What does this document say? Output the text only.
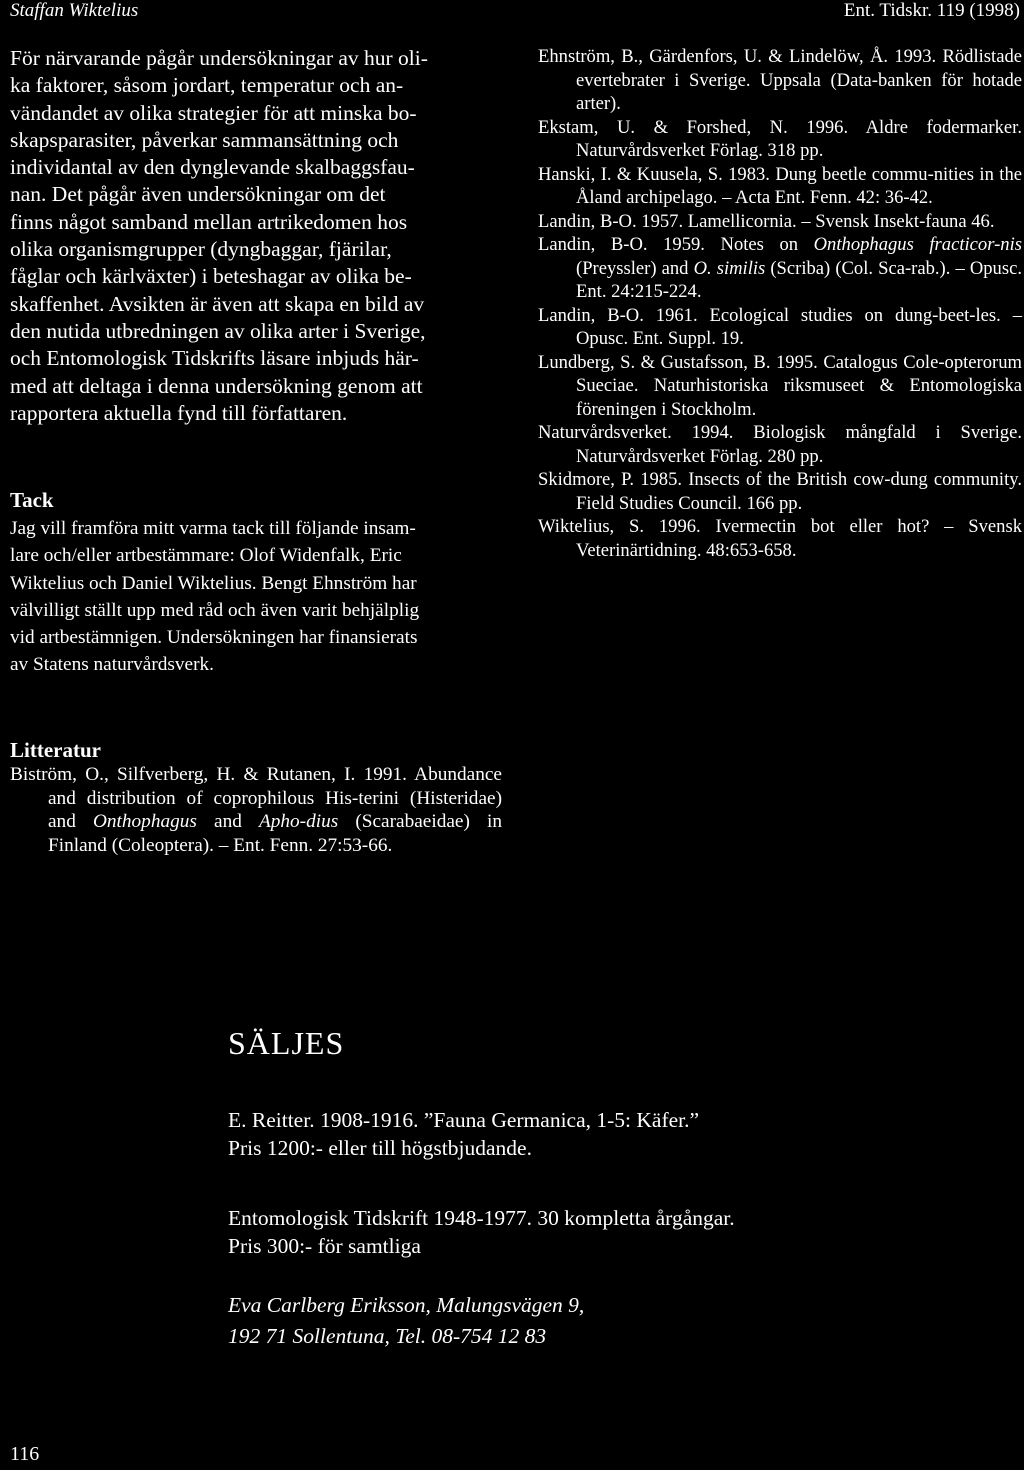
Staffan Wiktelius	Ent. Tidskr. 119 (1998)

För närvarande pågår undersökningar av hur oli-
ka faktorer, såsom jordart, temperatur och an-
vändandet av olika strategier för att minska bo-
skapsparasiter, påverkar sammansättning och
individantal av den dynglevande skalbaggsfau-
nan. Det pågår även undersökningar om det
finns något samband mellan artrikedomen hos
olika organismgrupper (dyngbaggar, fjärilar,
fåglar och kärlväxter) i beteshagar av olika be-
skaffenhet. Avsikten är även att skapa en bild av
den nutida utbredningen av olika arter i Sverige,
och Entomologisk Tidskrifts läsare inbjuds här-
med att deltaga i denna undersökning genom att
rapportera aktuella fynd till författaren.

Tack

Jag vill framföra mitt varma tack till följande insam-
lare och/eller artbestämmare: Olof Widenfalk, Eric
Wiktelius och Daniel Wiktelius. Bengt Ehnström har
välvilligt ställt upp med råd och även varit behjälplig
vid artbestämnigen. Undersökningen har finansierats
av Statens naturvårdsverk.

Litteratur
Biström, O., Silfverberg, H. & Rutanen, I. 1991. Abundance and distribution of coprophilous His-terini (Histeridae) and Onthophagus and Apho-dius (Scarabaeidae) in Finland (Coleoptera). – Ent. Fenn. 27:53-66.
Ehnström, B., Gärdenfors, U. & Lindelöw, Å. 1993. Rödlistade evertebrater i Sverige. Uppsala (Data-banken för hotade arter).
Ekstam, U. & Forshed, N. 1996. Aldre fodermarker. Naturvårdsverket Förlag. 318 pp.
Hanski, I. & Kuusela, S. 1983. Dung beetle commu-nities in the Åland archipelago. – Acta Ent. Fenn. 42: 36-42.
Landin, B-O. 1957. Lamellicornia. – Svensk Insekt-fauna 46.
Landin, B-O. 1959. Notes on Onthophagus fracticor-nis (Preyssler) and O. similis (Scriba) (Col. Sca-rab.). – Opusc. Ent. 24:215-224.
Landin, B-O. 1961. Ecological studies on dung-beet-les. – Opusc. Ent. Suppl. 19.
Lundberg, S. & Gustafsson, B. 1995. Catalogus Cole-opterorum Sueciae. Naturhistoriska riksmuseet & Entomologiska föreningen i Stockholm.
Naturvårdsverket. 1994. Biologisk mångfald i Sverige. Naturvårdsverket Förlag. 280 pp.
Skidmore, P. 1985. Insects of the British cow-dung community. Field Studies Council. 166 pp.
Wiktelius, S. 1996. Ivermectin bot eller hot? – Svensk Veterinärtidning. 48:653-658.
SÄLJES
E. Reitter. 1908-1916. ”Fauna Germanica, 1-5: Käfer.”
Pris 1200:- eller till högstbjudande.
Entomologisk Tidskrift 1948-1977. 30 kompletta årgångar.
Pris 300:- för samtliga
Eva Carlberg Eriksson, Malungsvägen 9,
192 71 Sollentuna, Tel. 08-754 12 83
116
